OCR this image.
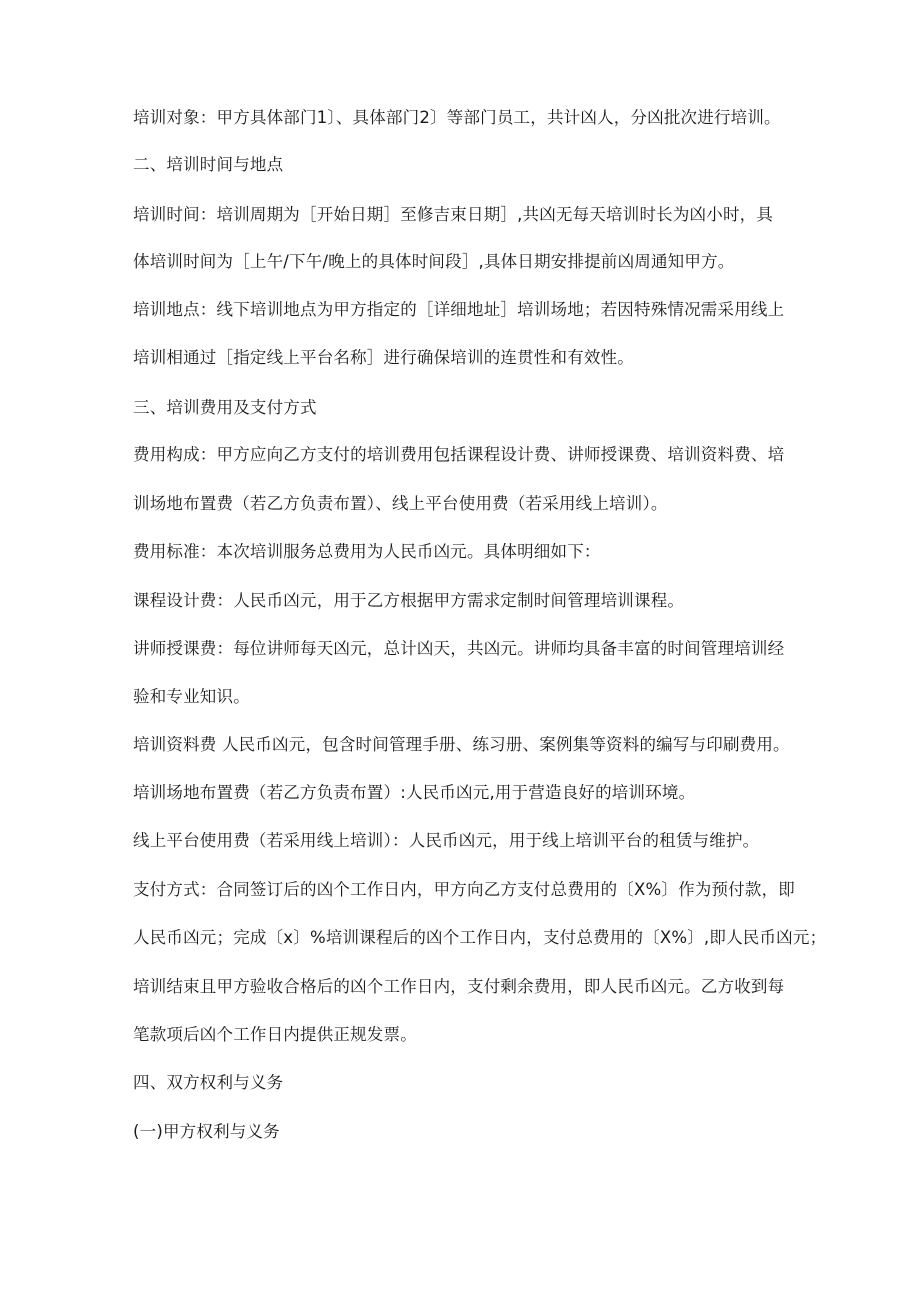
培训对象：甲方具体部门1〕、具体部门2〕等部门员工，共计凶人，分凶批次进行培训。
二、培训时间与地点
培训时间：培训周期为［开始日期］至修吉束日期］,共凶无每天培训时长为凶小时，具
体培训时间为［上午/下午/晚上的具体时间段］,具体日期安排提前凶周通知甲方。
培训地点：线下培训地点为甲方指定的［详细地址］培训场地；若因特殊情况需采用线上
培训相通过［指定线上平台名称］进行确保培训的连贯性和有效性。
三、培训费用及支付方式
费用构成：甲方应向乙方支付的培训费用包括课程设计费、讲师授课费、培训资料费、培
训场地布置费（若乙方负责布置）、线上平台使用费（若采用线上培训）。
费用标准：本次培训服务总费用为人民币凶元。具体明细如下：
课程设计费：人民币凶元，用于乙方根据甲方需求定制时间管理培训课程。
讲师授课费：每位讲师每天凶元，总计凶天，共凶元。讲师均具备丰富的时间管理培训经
验和专业知识。
培训资料费 人民币凶元，包含时间管理手册、练习册、案例集等资料的编写与印刷费用。
培训场地布置费（若乙方负责布置）:人民币凶元,用于营造良好的培训环境。
线上平台使用费（若采用线上培训）：人民币凶元，用于线上培训平台的租赁与维护。
支付方式：合同签订后的凶个工作日内，甲方向乙方支付总费用的〔X%〕作为预付款，即
人民币凶元；完成〔x〕%培训课程后的凶个工作日内，支付总费用的〔X%〕,即人民币凶元；
培训结束且甲方验收合格后的凶个工作日内，支付剩余费用，即人民币凶元。乙方收到每
笔款项后凶个工作日内提供正规发票。
四、双方权利与义务
(一)甲方权利与义务
